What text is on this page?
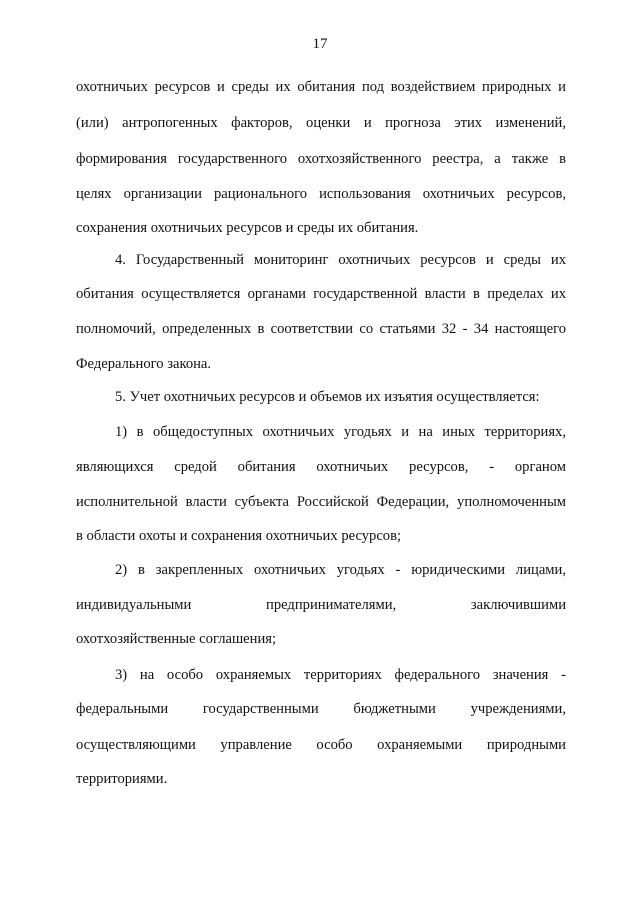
17
охотничьих ресурсов и среды их обитания под воздействием природных и
(или) антропогенных факторов, оценки и прогноза этих изменений,
формирования государственного охотхозяйственного реестра, а также в
целях организации рационального использования охотничьих ресурсов,
сохранения охотничьих ресурсов и среды их обитания.
4. Государственный мониторинг охотничьих ресурсов и среды их
обитания осуществляется органами государственной власти в пределах их
полномочий, определенных в соответствии со статьями 32 - 34 настоящего
Федерального закона.
5. Учет охотничьих ресурсов и объемов их изъятия осуществляется:
1) в общедоступных охотничьих угодьях и на иных территориях,
являющихся средой обитания охотничьих ресурсов, - органом
исполнительной власти субъекта Российской Федерации, уполномоченным
в области охоты и сохранения охотничьих ресурсов;
2) в закрепленных охотничьих угодьях - юридическими лицами,
индивидуальными предпринимателями, заключившими
охотхозяйственные соглашения;
3) на особо охраняемых территориях федерального значения -
федеральными государственными бюджетными учреждениями,
осуществляющими управление особо охраняемыми природными
территориями.
